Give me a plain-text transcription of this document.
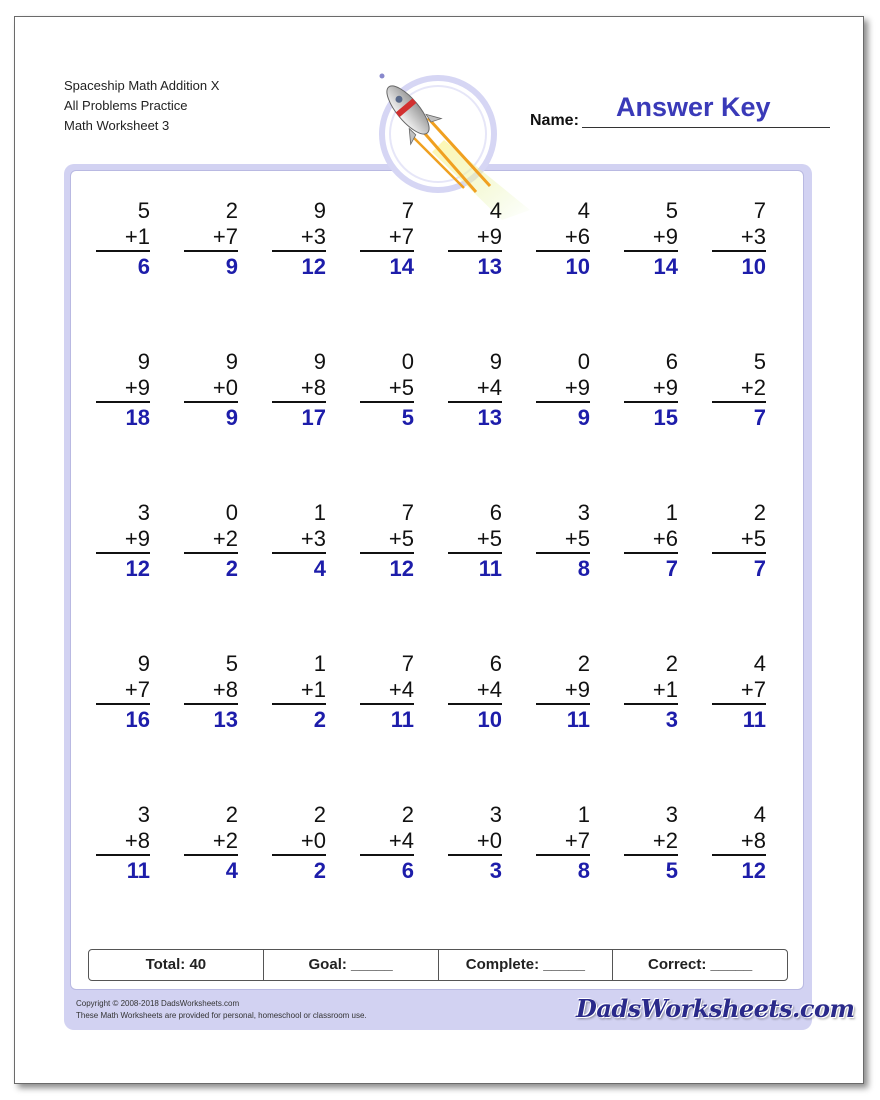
Spaceship Math Addition X
All Problems Practice
Math Worksheet 3	Name: Answer Key
5
+1
6
2
+7
9
9
+3
12
7
+7
14
4
+9
13
4
+6
10
5
+9
14
7
+3
10
9
+9
18
9
+0
9
9
+8
17
0
+5
5
9
+4
13
0
+9
9
6
+9
15
5
+2
7
3
+9
12
0
+2
2
1
+3
4
7
+5
12
6
+5
11
3
+5
8
1
+6
7
2
+5
7
9
+7
16
5
+8
13
1
+1
2
7
+4
11
6
+4
10
2
+9
11
2
+1
3
4
+7
11
3
+8
11
2
+2
4
2
+0
2
2
+4
6
3
+0
3
1
+7
8
3
+2
5
4
+8
12
Total: 40	Goal: _____	Complete: _____	Correct: _____
Copyright © 2008-2018 DadsWorksheets.com
These Math Worksheets are provided for personal, homeschool or classroom use.	DadsWorksheets.com
